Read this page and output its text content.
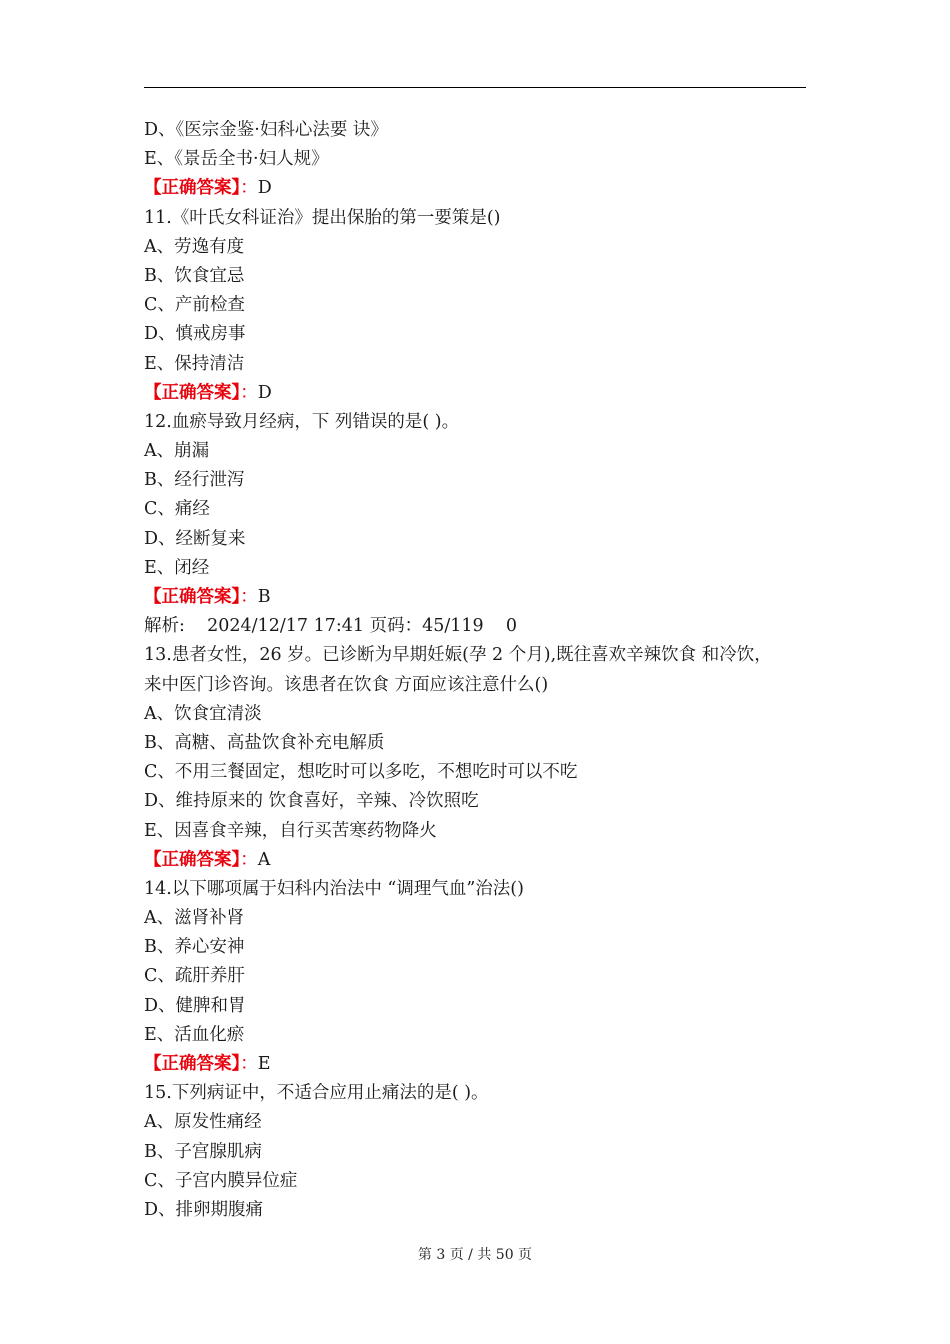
D、《医宗金鉴·妇科心法要 诀》
E、《景岳全书·妇人规》
【正确答案】：D
11.《叶氏女科证治》提出保胎的第一要策是()
A、劳逸有度
B、饮食宜忌
C、产前检查
D、慎戒房事
E、保持清洁
【正确答案】：D
12.血瘀导致月经病，下 列错误的是( )。
A、崩漏
B、经行泄泻
C、痛经
D、经断复来
E、闭经
【正确答案】：B
解析:    2024/12/17 17:41 页码：45/119    0
13.患者女性，26 岁。已诊断为早期妊娠(孕 2 个月),既往喜欢辛辣饮食 和冷饮，
来中医门诊咨询。该患者在饮食 方面应该注意什么()
A、饮食宜清淡
B、高糖、高盐饮食补充电解质
C、不用三餐固定，想吃时可以多吃，不想吃时可以不吃
D、维持原来的 饮食喜好，辛辣、冷饮照吃
E、因喜食辛辣，自行买苦寒药物降火
【正确答案】：A
14.以下哪项属于妇科内治法中 “调理气血”治法()
A、滋肾补肾
B、养心安神
C、疏肝养肝
D、健脾和胃
E、活血化瘀
【正确答案】：E
15.下列病证中，不适合应用止痛法的是( )。
A、原发性痛经
B、子宫腺肌病
C、子宫内膜异位症
D、排卵期腹痛
第 3 页 / 共 50 页
